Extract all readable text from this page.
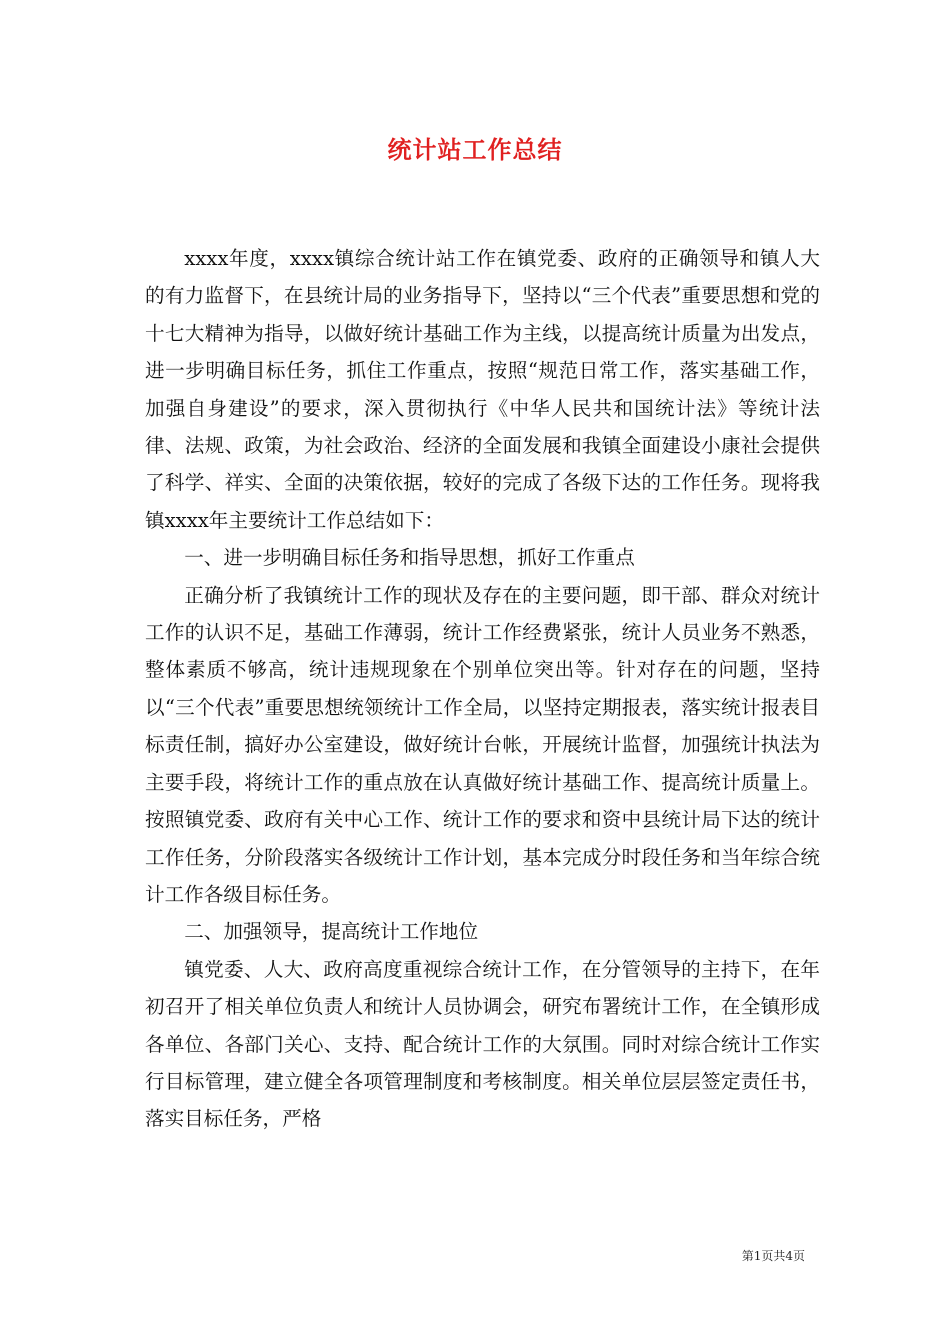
统计站工作总结

xxxx年度，xxxx镇综合统计站工作在镇党委、政府的正确领导和镇人大的有力监督下，在县统计局的业务指导下，坚持以“三个代表”重要思想和党的十七大精神为指导，以做好统计基础工作为主线，以提高统计质量为出发点，进一步明确目标任务，抓住工作重点，按照“规范日常工作，落实基础工作，加强自身建设”的要求，深入贯彻执行《中华人民共和国统计法》等统计法律、法规、政策，为社会政治、经济的全面发展和我镇全面建设小康社会提供了科学、祥实、全面的决策依据，较好的完成了各级下达的工作任务。现将我镇xxxx年主要统计工作总结如下：

一、进一步明确目标任务和指导思想，抓好工作重点

正确分析了我镇统计工作的现状及存在的主要问题，即干部、群众对统计工作的认识不足，基础工作薄弱，统计工作经费紧张，统计人员业务不熟悉，整体素质不够高，统计违规现象在个别单位突出等。针对存在的问题，坚持以“三个代表”重要思想统领统计工作全局，以坚持定期报表，落实统计报表目标责任制，搞好办公室建设，做好统计台帐，开展统计监督，加强统计执法为主要手段，将统计工作的重点放在认真做好统计基础工作、提高统计质量上。按照镇党委、政府有关中心工作、统计工作的要求和资中县统计局下达的统计工作任务，分阶段落实各级统计工作计划，基本完成分时段任务和当年综合统计工作各级目标任务。

二、加强领导，提高统计工作地位

镇党委、人大、政府高度重视综合统计工作，在分管领导的主持下，在年初召开了相关单位负责人和统计人员协调会，研究布署统计工作，在全镇形成各单位、各部门关心、支持、配合统计工作的大氛围。同时对综合统计工作实行目标管理，建立健全各项管理制度和考核制度。相关单位层层签定责任书，落实目标任务，严格

第1页共4页
